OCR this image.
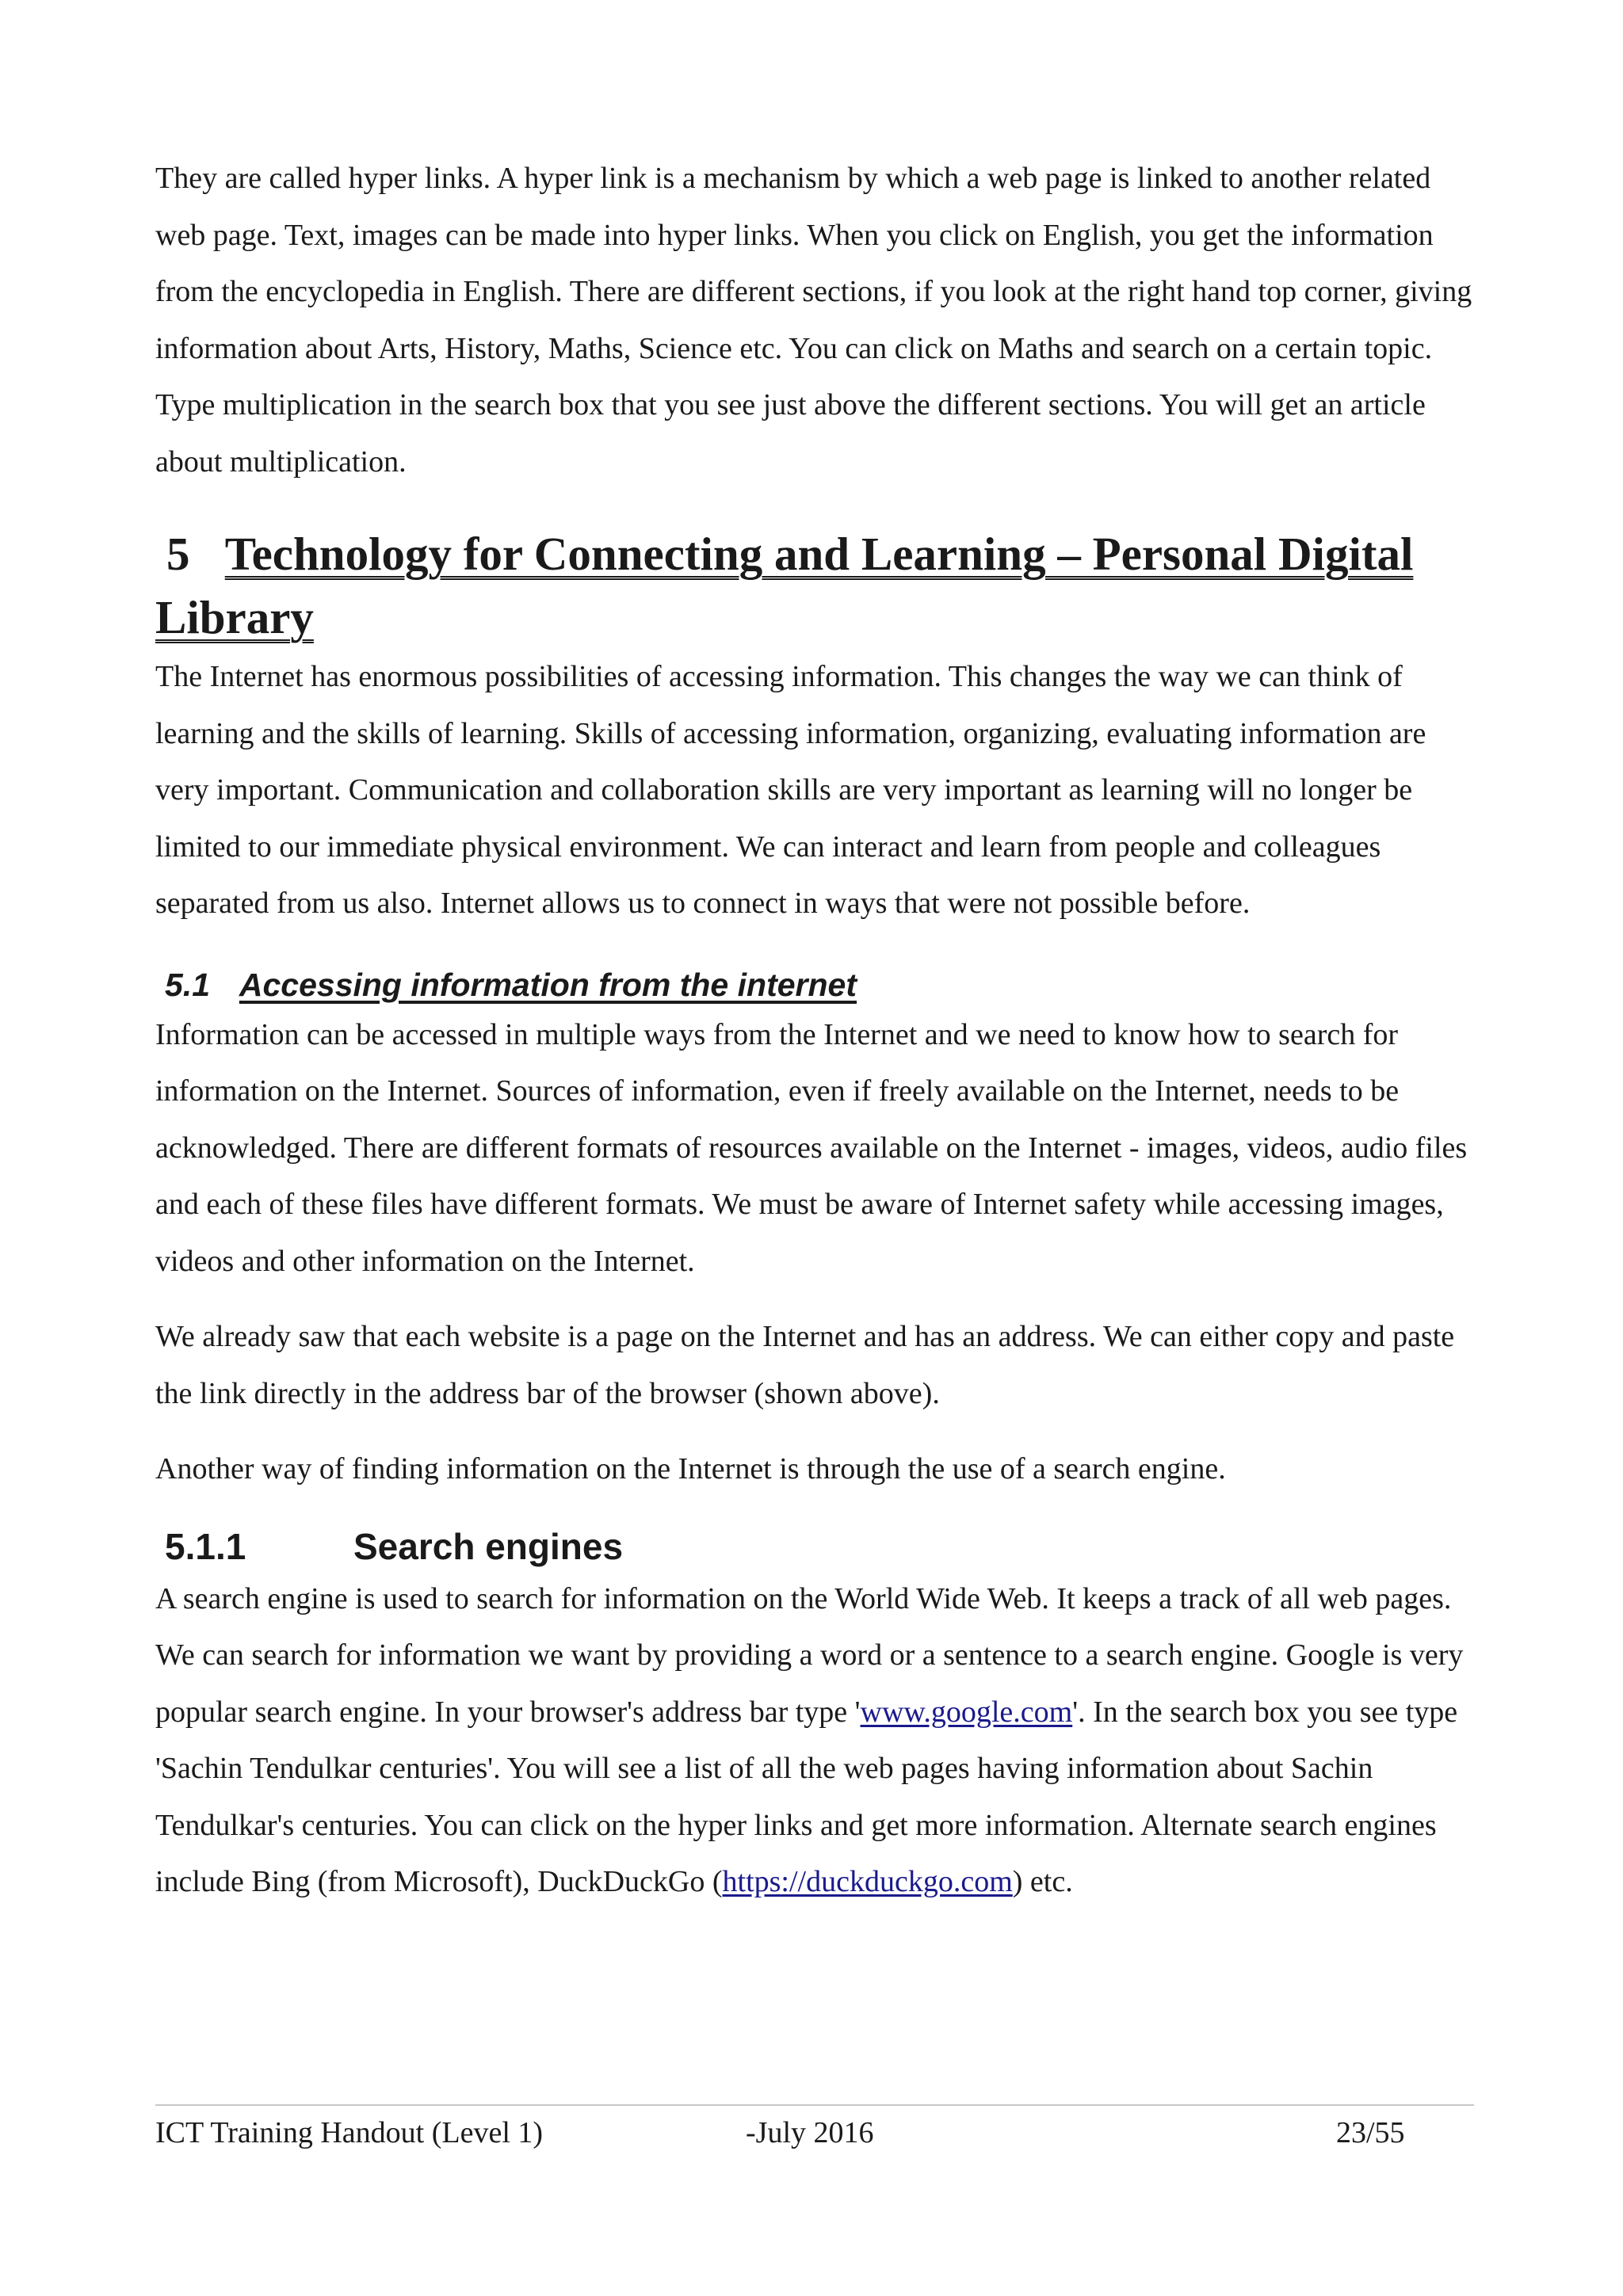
They are called hyper links. A hyper link is a mechanism by which a web page is linked to another related web page. Text, images can be made into hyper links. When you click on English, you get the information from the encyclopedia in English. There are different sections, if you look at the right hand top corner, giving information about Arts, History, Maths, Science etc. You can click on Maths and search on a certain topic. Type multiplication in the search box that you see just above the different sections. You will get an article about multiplication.

5 Technology for Connecting and Learning – Personal Digital Library

The Internet has enormous possibilities of accessing information. This changes the way we can think of learning and the skills of learning. Skills of accessing information, organizing, evaluating information are very important. Communication and collaboration skills are very important as learning will no longer be limited to our immediate physical environment. We can interact and learn from people and colleagues separated from us also. Internet allows us to connect in ways that were not possible before.

5.1 Accessing information from the internet

Information can be accessed in multiple ways from the Internet and we need to know how to search for information on the Internet. Sources of information, even if freely available on the Internet, needs to be acknowledged. There are different formats of resources available on the Internet - images, videos, audio files and each of these files have different formats. We must be aware of Internet safety while accessing images, videos and other information on the Internet.

We already saw that each website is a page on the Internet and has an address. We can either copy and paste the link directly in the address bar of the browser (shown above).

Another way of finding information on the Internet is through the use of a search engine.

5.1.1	Search engines

A search engine is used to search for information on the World Wide Web. It keeps a track of all web pages. We can search for information we want by providing a word or a sentence to a search engine. Google is very popular search engine. In your browser's address bar type 'www.google.com'. In the search box you see type 'Sachin Tendulkar centuries'. You will see a list of all the web pages having information about Sachin Tendulkar's centuries. You can click on the hyper links and get more information. Alternate search engines include Bing (from Microsoft), DuckDuckGo (https://duckduckgo.com) etc.

ICT Training Handout (Level 1)	-July 2016	23/55
